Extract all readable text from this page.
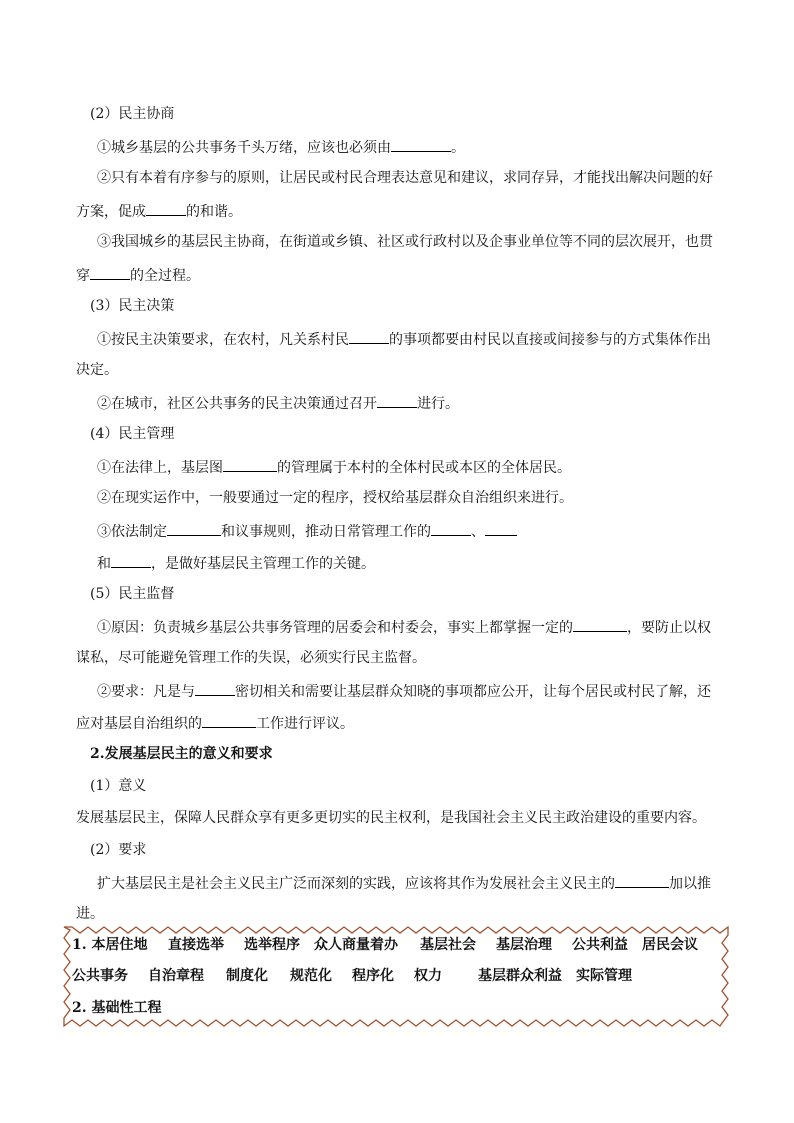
(2）民主协商
①城乡基层的公共事务千头万绪，应该也必须由	。
②只有本着有序参与的原则，让居民或村民合理表达意见和建议，求同存异，才能找出解决问题的好
方案，促成	的和谐。
③我国城乡的基层民主协商，在街道或乡镇、社区或行政村以及企事业单位等不同的层次展开，也贯
穿	的全过程。
(3）民主决策
①按民主决策要求，在农村，凡关系村民	的事项都要由村民以直接或间接参与的方式集体作出
决定。
②在城市，社区公共事务的民主决策通过召开	进行。
(4）民主管理
①在法律上，基层图	的管理属于本村的全体村民或本区的全体居民。
②在现实运作中，一般要通过一定的程序，授权给基层群众自治组织来进行。
③依法制定	和议事规则，推动日常管理工作的	、
和	，是做好基层民主管理工作的关键。
(5）民主监督
①原因：负责城乡基层公共事务管理的居委会和村委会，事实上都掌握一定的	，要防止以权
谋私，尽可能避免管理工作的失误，必须实行民主监督。
②要求：凡是与	密切相关和需要让基层群众知晓的事项都应公开，让每个居民或村民了解，还
应对基层自治组织的	工作进行评议。
2.发展基层民主的意义和要求
(1）意义
发展基层民主，保障人民群众享有更多更切实的民主权利，是我国社会主义民主政治建设的重要内容。
(2）要求
扩大基层民主是社会主义民主广泛而深刻的实践，应该将其作为发展社会主义民主的	加以推
进。
1. 本居住地 直接选举 选举程序 众人商量着办 基层社会 基层治理 公共利益 居民会议
公共事务 自治章程 制度化 规范化 程序化 权力	基层群众利益 实际管理
2. 基础性工程
